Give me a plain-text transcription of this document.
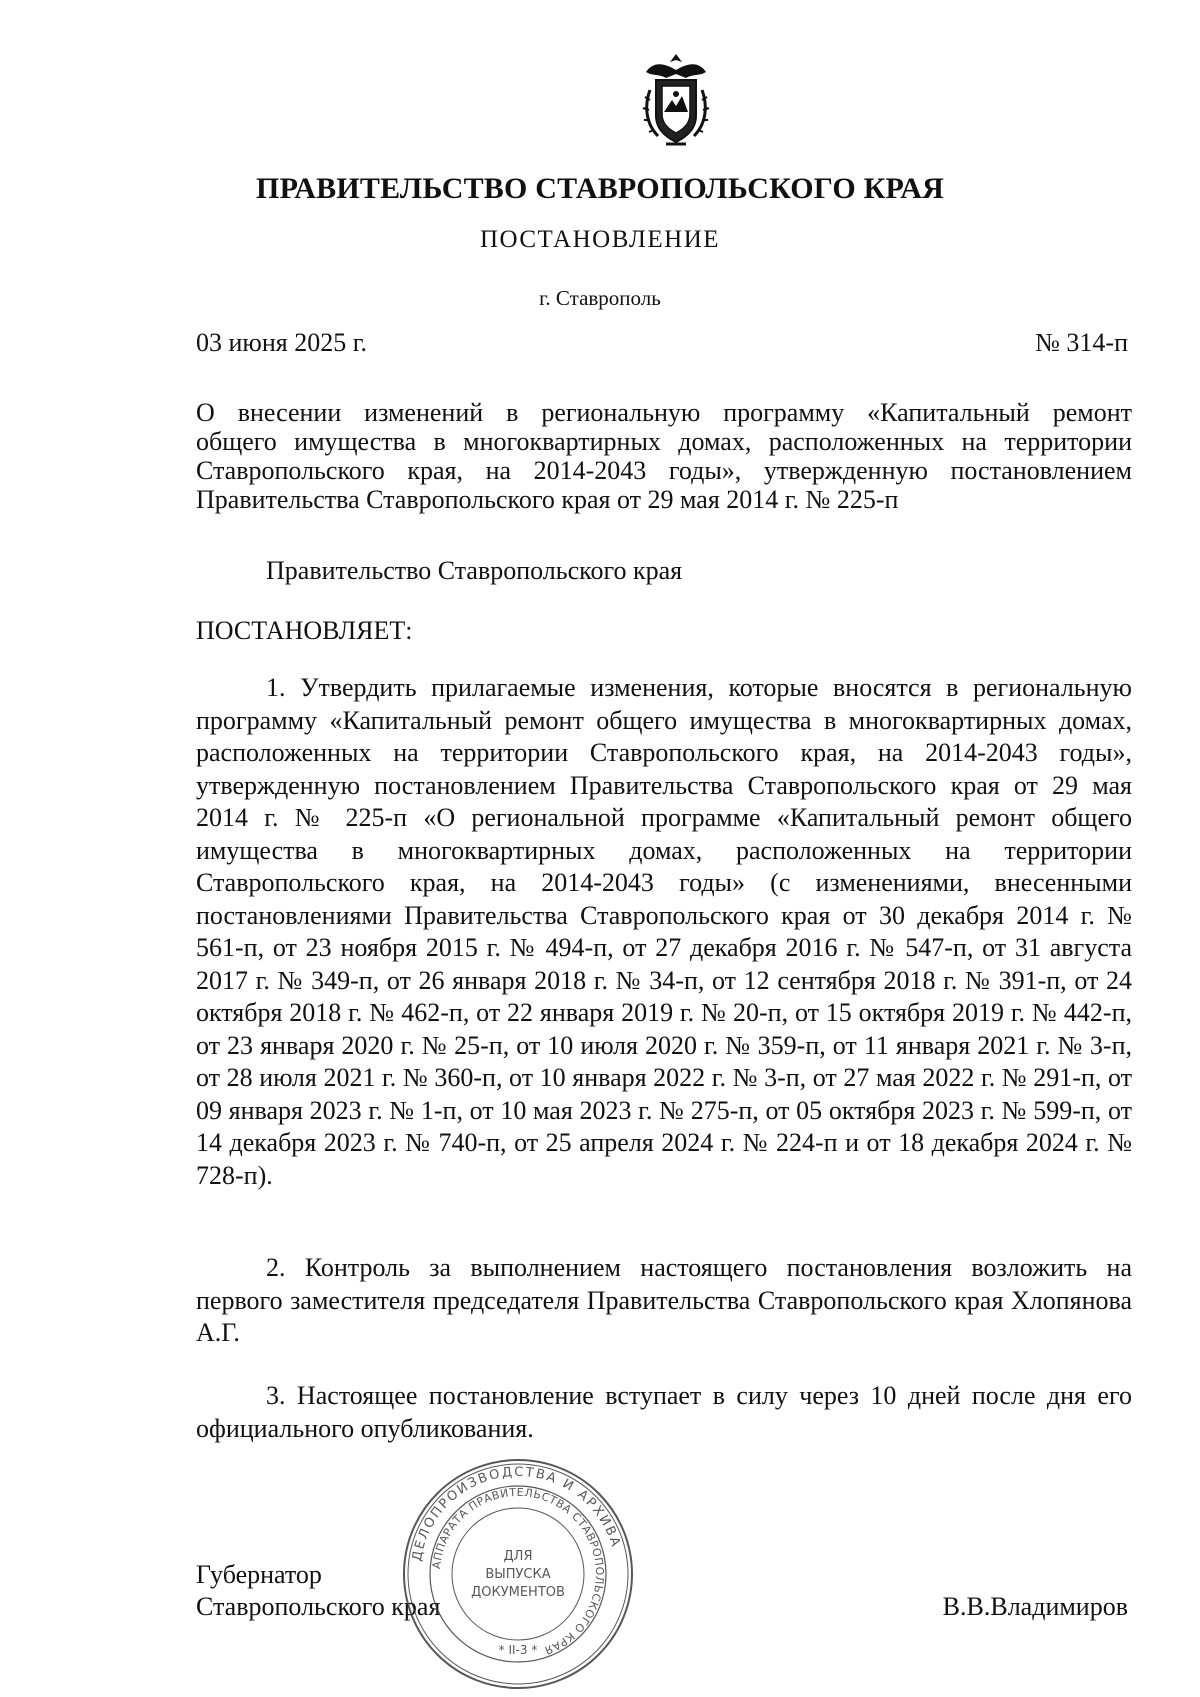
ПРАВИТЕЛЬСТВО СТАВРОПОЛЬСКОГО КРАЯ
ПОСТАНОВЛЕНИЕ
г. Ставрополь
03 июня 2025 г.	№ 314-п
О внесении изменений в региональную программу «Капитальный ремонт
общего имущества в многоквартирных домах, расположенных на территории
Ставропольского края, на 2014-2043 годы», утвержденную постановлением
Правительства Ставропольского края от 29 мая 2014 г. № 225-п
Правительство Ставропольского края
ПОСТАНОВЛЯЕТ:

1. Утвердить прилагаемые изменения, которые вносятся в региональную программу «Капитальный ремонт общего имущества в многоквартирных домах, расположенных на территории Ставропольского края, на 2014-2043 годы», утвержденную постановлением Правительства Ставропольского края от 29 мая 2014 г. № 225-п «О региональной программе «Капитальный ремонт общего имущества в многоквартирных домах, расположенных на территории Ставропольского края, на 2014-2043 годы» (с изменениями, внесенными постановлениями Правительства Ставропольского края от 30 декабря 2014 г. № 561-п, от 23 ноября 2015 г. № 494-п, от 27 декабря 2016 г. № 547-п, от 31 августа 2017 г. № 349-п, от 26 января 2018 г. № 34-п, от 12 сентября 2018 г. № 391-п, от 24 октября 2018 г. № 462-п, от 22 января 2019 г. № 20-п, от 15 октября 2019 г. № 442-п, от 23 января 2020 г. № 25-п, от 10 июля 2020 г. № 359-п, от 11 января 2021 г. № 3-п, от 28 июля 2021 г. № 360-п, от 10 января 2022 г. № 3-п, от 27 мая 2022 г. № 291-п, от 09 января 2023 г. № 1-п, от 10 мая 2023 г. № 275-п, от 05 октября 2023 г. № 599-п, от 14 декабря 2023 г. № 740-п, от 25 апреля 2024 г. № 224-п и от 18 декабря 2024 г. № 728-п).

2. Контроль за выполнением настоящего постановления возложить на первого заместителя председателя Правительства Ставропольского края Хлопянова А.Г.

3. Настоящее постановление вступает в силу через 10 дней после дня его официального опубликования.

Губернатор
Ставропольского края	В.В.Владимиров
ДЕЛОПРОИЗВОДСТВА И АРХИВА
АППАРАТА ПРАВИТЕЛЬСТВА СТАВРОПОЛЬСКОГО КРАЯ
ДЛЯ
ВЫПУСКА
ДОКУМЕНТОВ
* II-3 *
